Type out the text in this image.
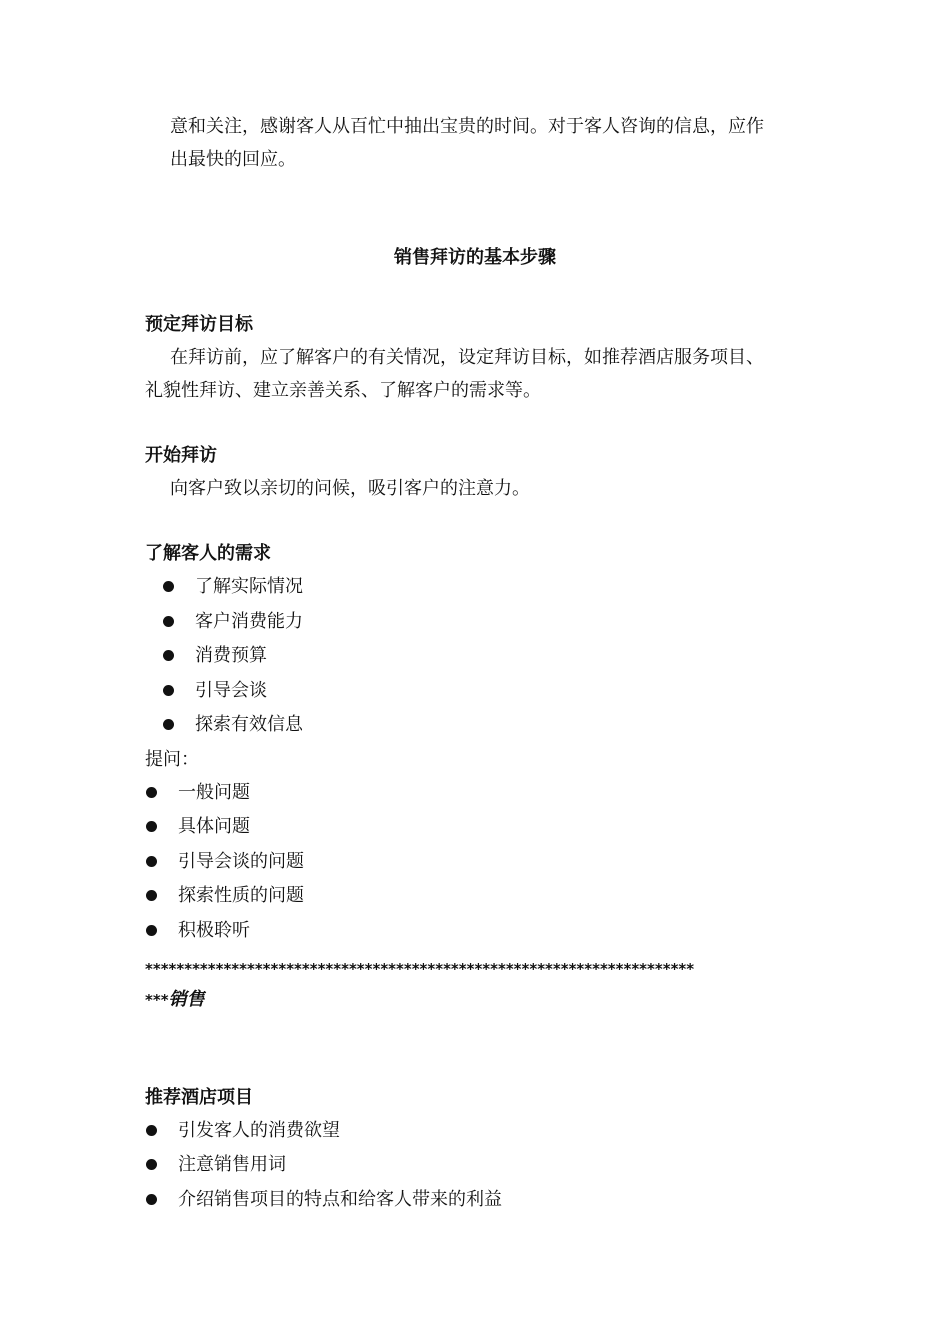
意和关注，感谢客人从百忙中抽出宝贵的时间。对于客人咨询的信息，应作
出最快的回应。
销售拜访的基本步骤
预定拜访目标
在拜访前，应了解客户的有关情况，设定拜访目标，如推荐酒店服务项目、
礼貌性拜访、建立亲善关系、了解客户的需求等。
开始拜访
向客户致以亲切的问候，吸引客户的注意力。
了解客人的需求
了解实际情况
客户消费能力
消费预算
引导会谈
探索有效信息
提问：
一般问题
具体问题
引导会谈的问题
探索性质的问题
积极聆听
**********************************************************************
***销售
推荐酒店项目
引发客人的消费欲望
注意销售用词
介绍销售项目的特点和给客人带来的利益
